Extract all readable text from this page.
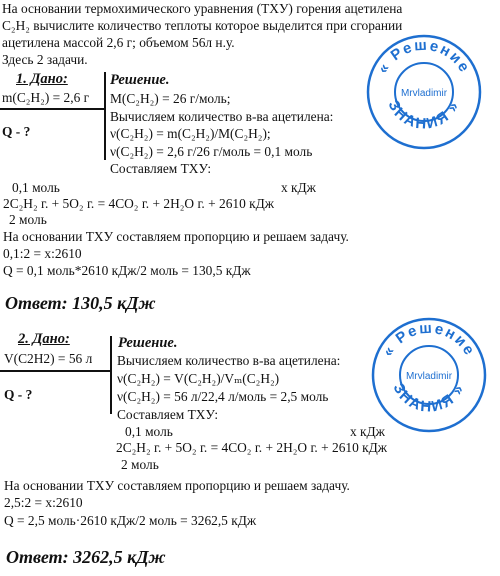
На основании термохимического уравнения (ТХУ) горения ацетилена
C₂H₂ вычислите количество теплоты которое выделится при сгорании
ацетилена массой 2,6 г; объемом 56л н.у.
Здесь 2 задачи.	« Решение
ЗНАНИЯ »
Mrvladimir
1. Дано:	Решение.
m(C₂H₂) = 2,6 г
Q - ?
M(C₂H₂) = 26 г/моль;
Вычисляем количество в-ва ацетилена:
ν(C₂H₂) = m(C₂H₂)/M(C₂H₂);
ν(C₂H₂) = 2,6 г/26 г/моль = 0,1 моль
Составляем ТХУ:
0,1 моль	x кДж
2C₂H₂ г. + 5O₂ г. = 4CO₂ г. + 2H₂O г. + 2610 кДж
2 моль
На основании ТХУ составляем пропорцию и решаем задачу.
0,1:2 = x:2610
Q = 0,1 моль*2610 кДж/2 моль = 130,5 кДж
Ответ: 130,5 кДж
« Решение
ЗНАНИЯ »
Mrvladimir
2. Дано:	Решение.
V(C2H2) = 56 л
Q - ?
Вычисляем количество в-ва ацетилена:
ν(C₂H₂) = V(C₂H₂)/Vₘ(C₂H₂)
ν(C₂H₂) = 56 л/22,4 л/моль = 2,5 моль
Составляем ТХУ:
0,1 моль	x кДж
2C₂H₂ г. + 5O₂ г. = 4CO₂ г. + 2H₂O г. + 2610 кДж
2 моль
На основании ТХУ составляем пропорцию и решаем задачу.
2,5:2 = x:2610
Q = 2,5 моль·2610 кДж/2 моль = 3262,5 кДж
Ответ: 3262,5 кДж
